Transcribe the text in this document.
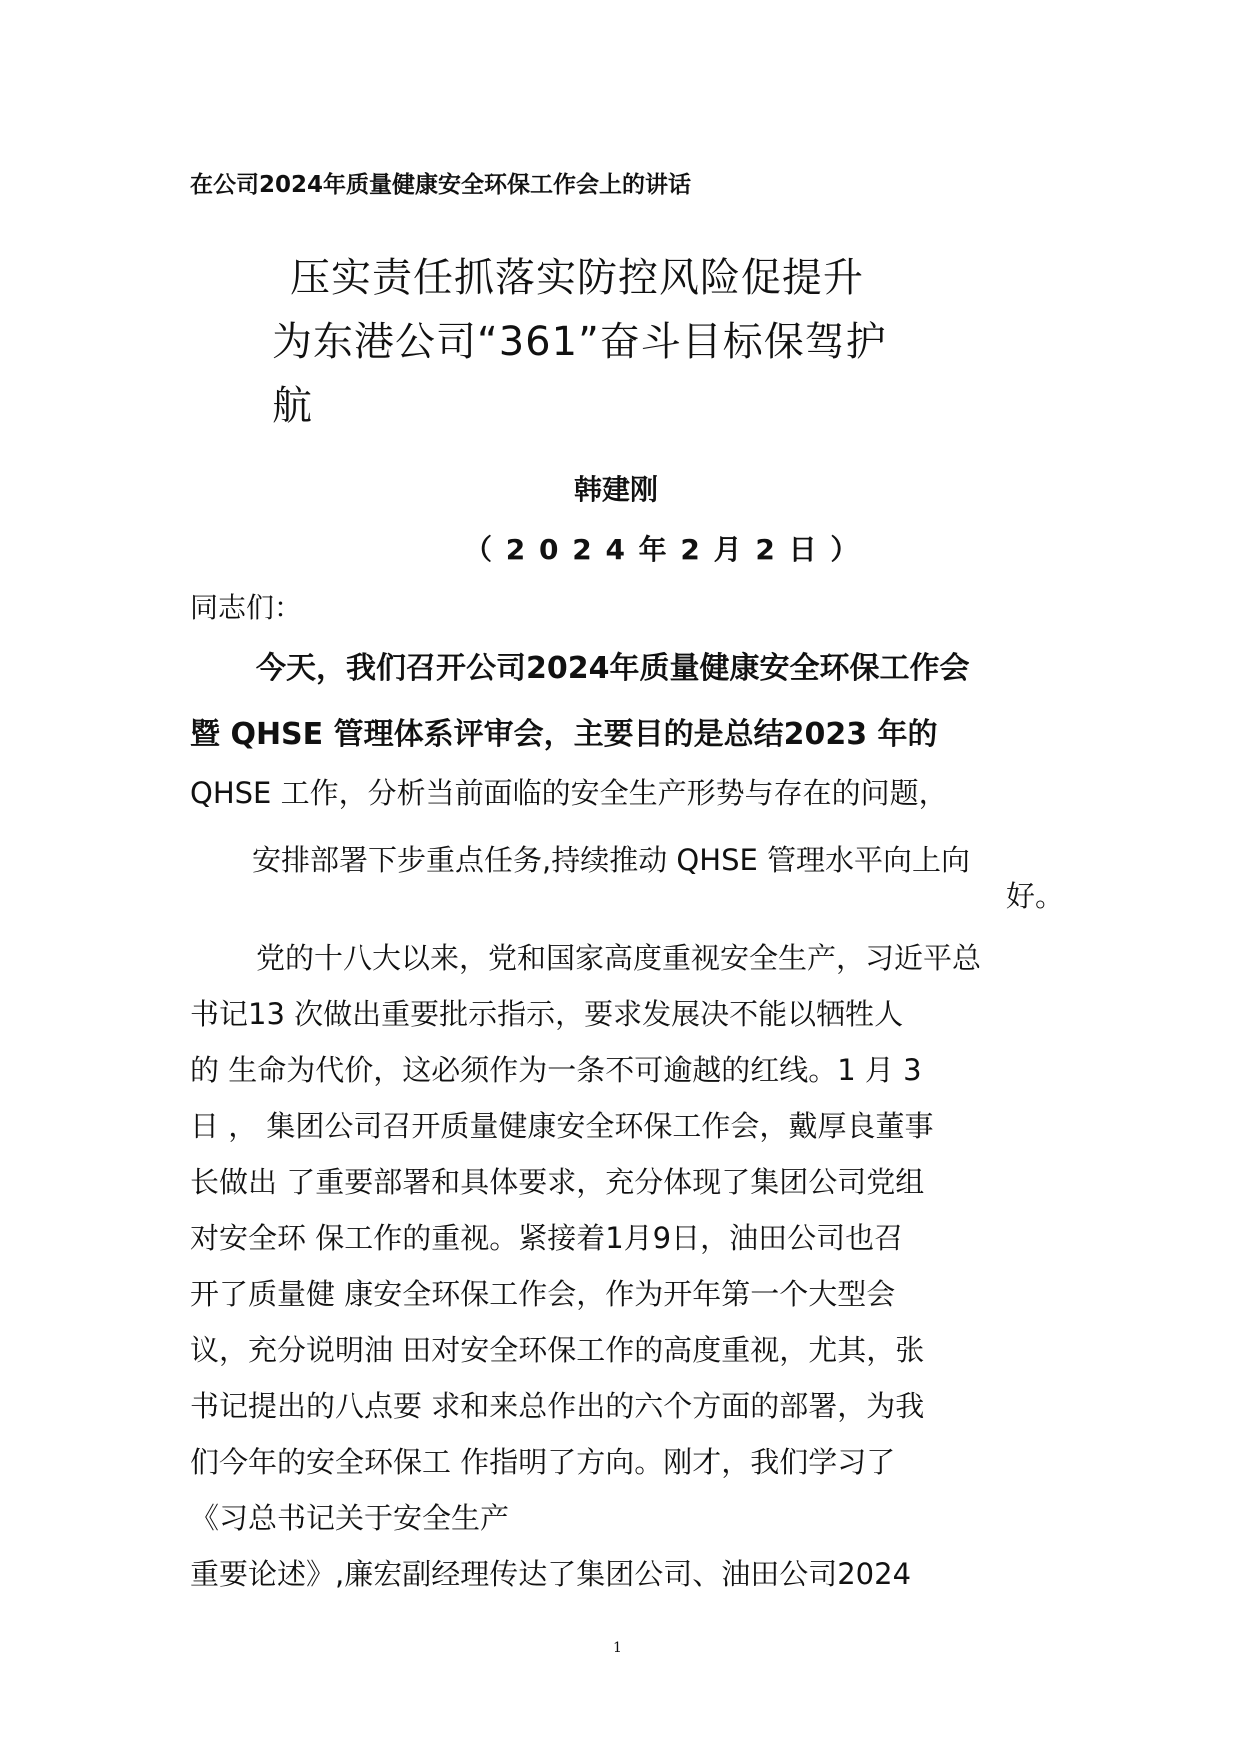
在公司2024年质量健康安全环保工作会上的讲话
压实责任抓落实防控风险促提升
为东港公司“361”奋斗目标保驾护
航
韩建刚
（ 2 0 2 4 年 2 月 2 日 ）
同志们：
今天，我们召开公司2024年质量健康安全环保工作会
暨 QHSE 管理体系评审会，主要目的是总结2023 年的
QHSE 工作，分析当前面临的安全生产形势与存在的问题，
安排部署下步重点任务,持续推动 QHSE 管理水平向上向
好。
党的十八大以来，党和国家高度重视安全生产，习近平总
书记13 次做出重要批示指示，要求发展决不能以牺牲人
的 生命为代价，这必须作为一条不可逾越的红线。1 月 3
日 ， 集团公司召开质量健康安全环保工作会，戴厚良董事
长做出 了重要部署和具体要求，充分体现了集团公司党组
对安全环 保工作的重视。紧接着1月9日，油田公司也召
开了质量健 康安全环保工作会，作为开年第一个大型会
议，充分说明油 田对安全环保工作的高度重视，尤其，张
书记提出的八点要 求和来总作出的六个方面的部署，为我
们今年的安全环保工 作指明了方向。刚才，我们学习了
《习总书记关于安全生产
重要论述》,廉宏副经理传达了集团公司、油田公司2024
1
